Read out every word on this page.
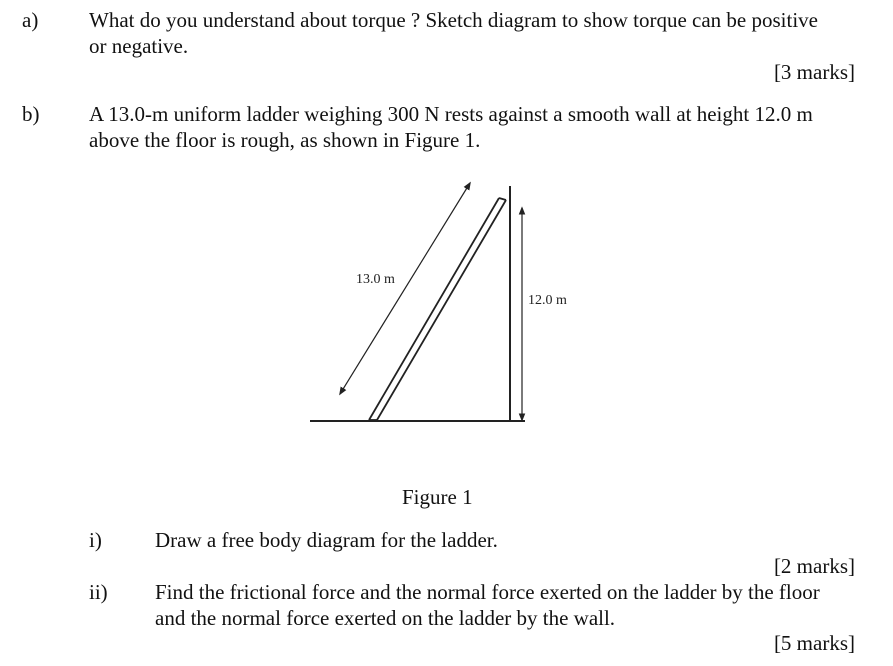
a) What do you understand about torque ? Sketch diagram to show torque can be positive
or negative.
[3 marks]
b) A 13.0-m uniform ladder weighing 300 N rests against a smooth wall at height 12.0 m
above the floor is rough, as shown in Figure 1.
13.0 m
12.0 m
Figure 1
i)	Draw a free body diagram for the ladder.
[2 marks]
ii) Find the frictional force and the normal force exerted on the ladder by the floor
and the normal force exerted on the ladder by the wall.
[5 marks]
